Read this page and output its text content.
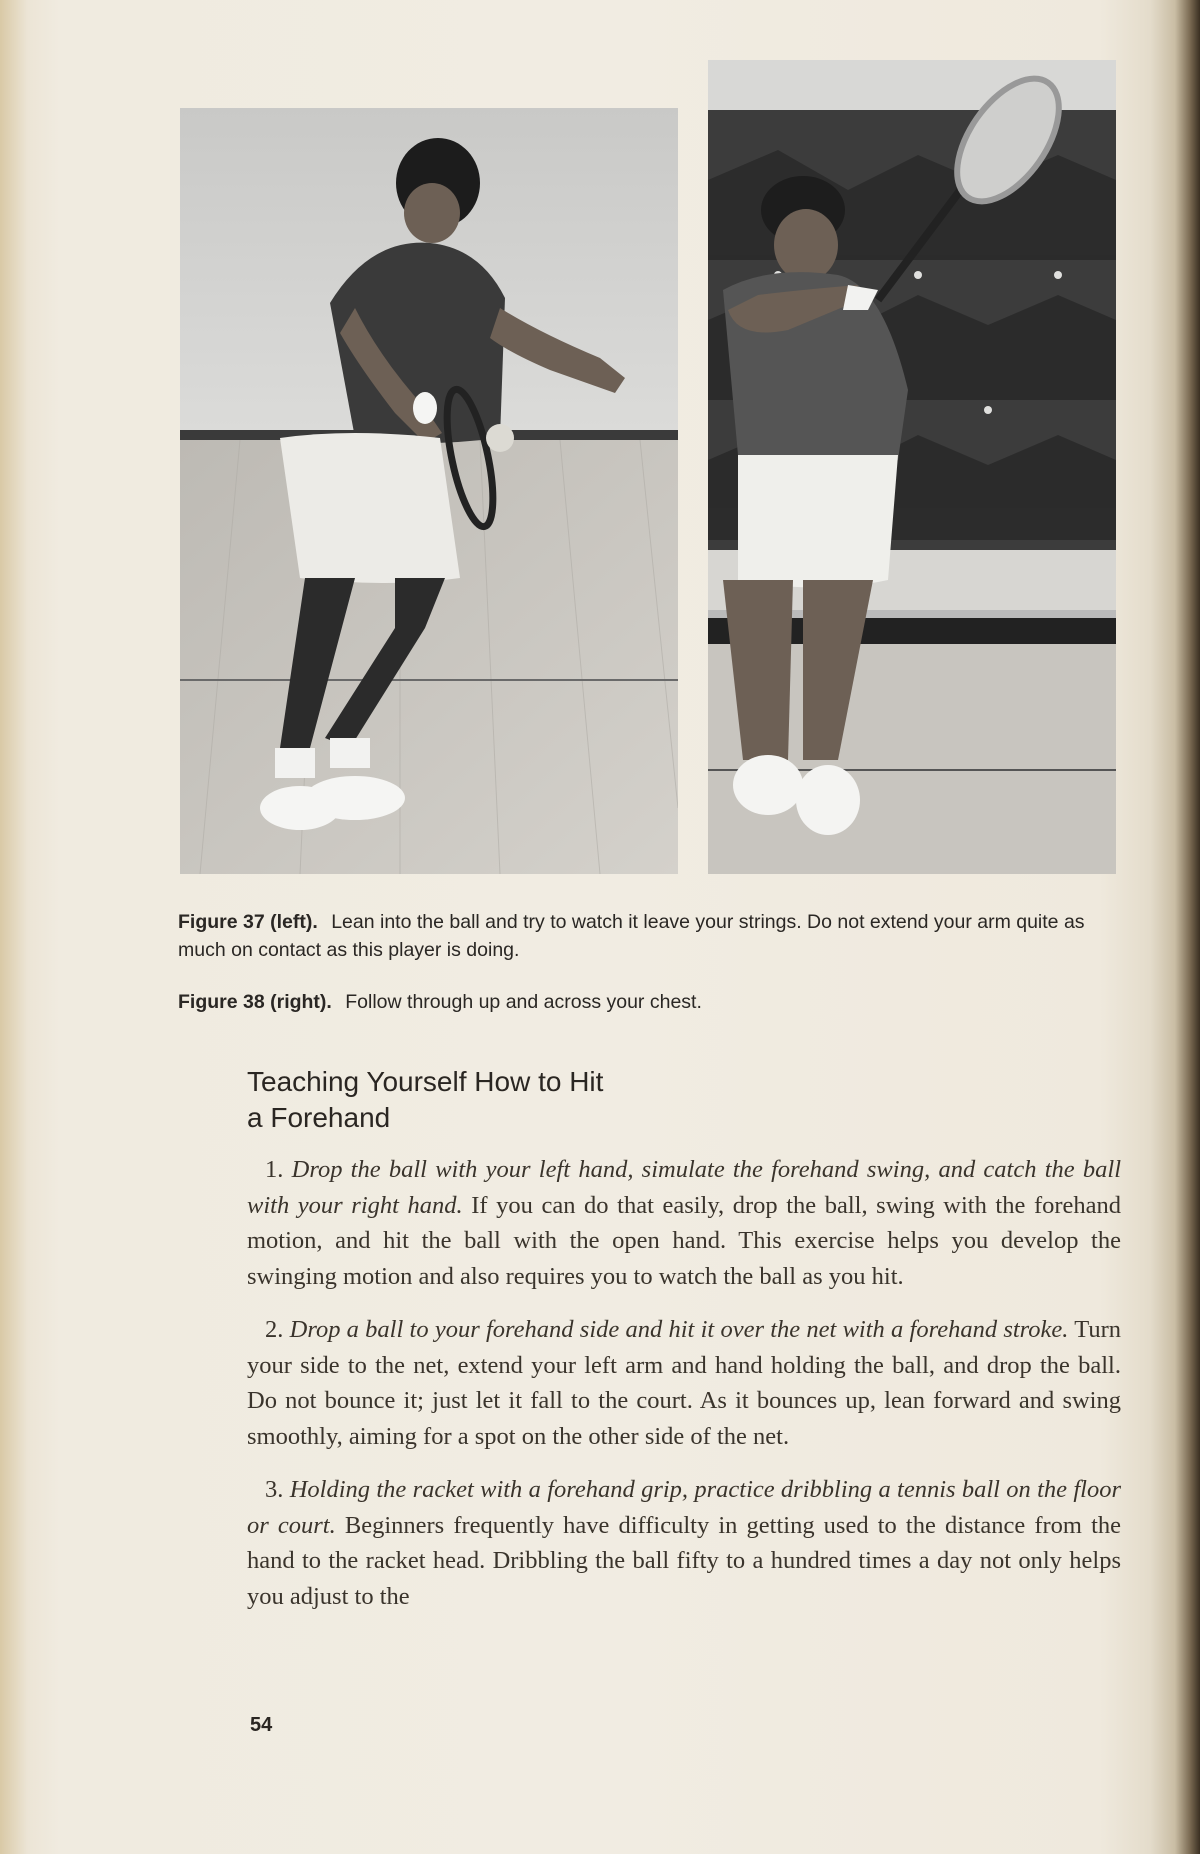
Figure 37 (left). Lean into the ball and try to watch it leave your strings. Do not extend your arm quite as much on contact as this player is doing.

Figure 38 (right). Follow through up and across your chest.

Teaching Yourself How to Hit
a Forehand

1. Drop the ball with your left hand, simulate the forehand swing, and catch the ball with your right hand. If you can do that easily, drop the ball, swing with the forehand motion, and hit the ball with the open hand. This exercise helps you develop the swinging motion and also requires you to watch the ball as you hit.

2. Drop a ball to your forehand side and hit it over the net with a forehand stroke. Turn your side to the net, extend your left arm and hand holding the ball, and drop the ball. Do not bounce it; just let it fall to the court. As it bounces up, lean forward and swing smoothly, aiming for a spot on the other side of the net.

3. Holding the racket with a forehand grip, practice dribbling a tennis ball on the floor or court. Beginners frequently have difficulty in getting used to the distance from the hand to the racket head. Dribbling the ball fifty to a hundred times a day not only helps you adjust to the

54
